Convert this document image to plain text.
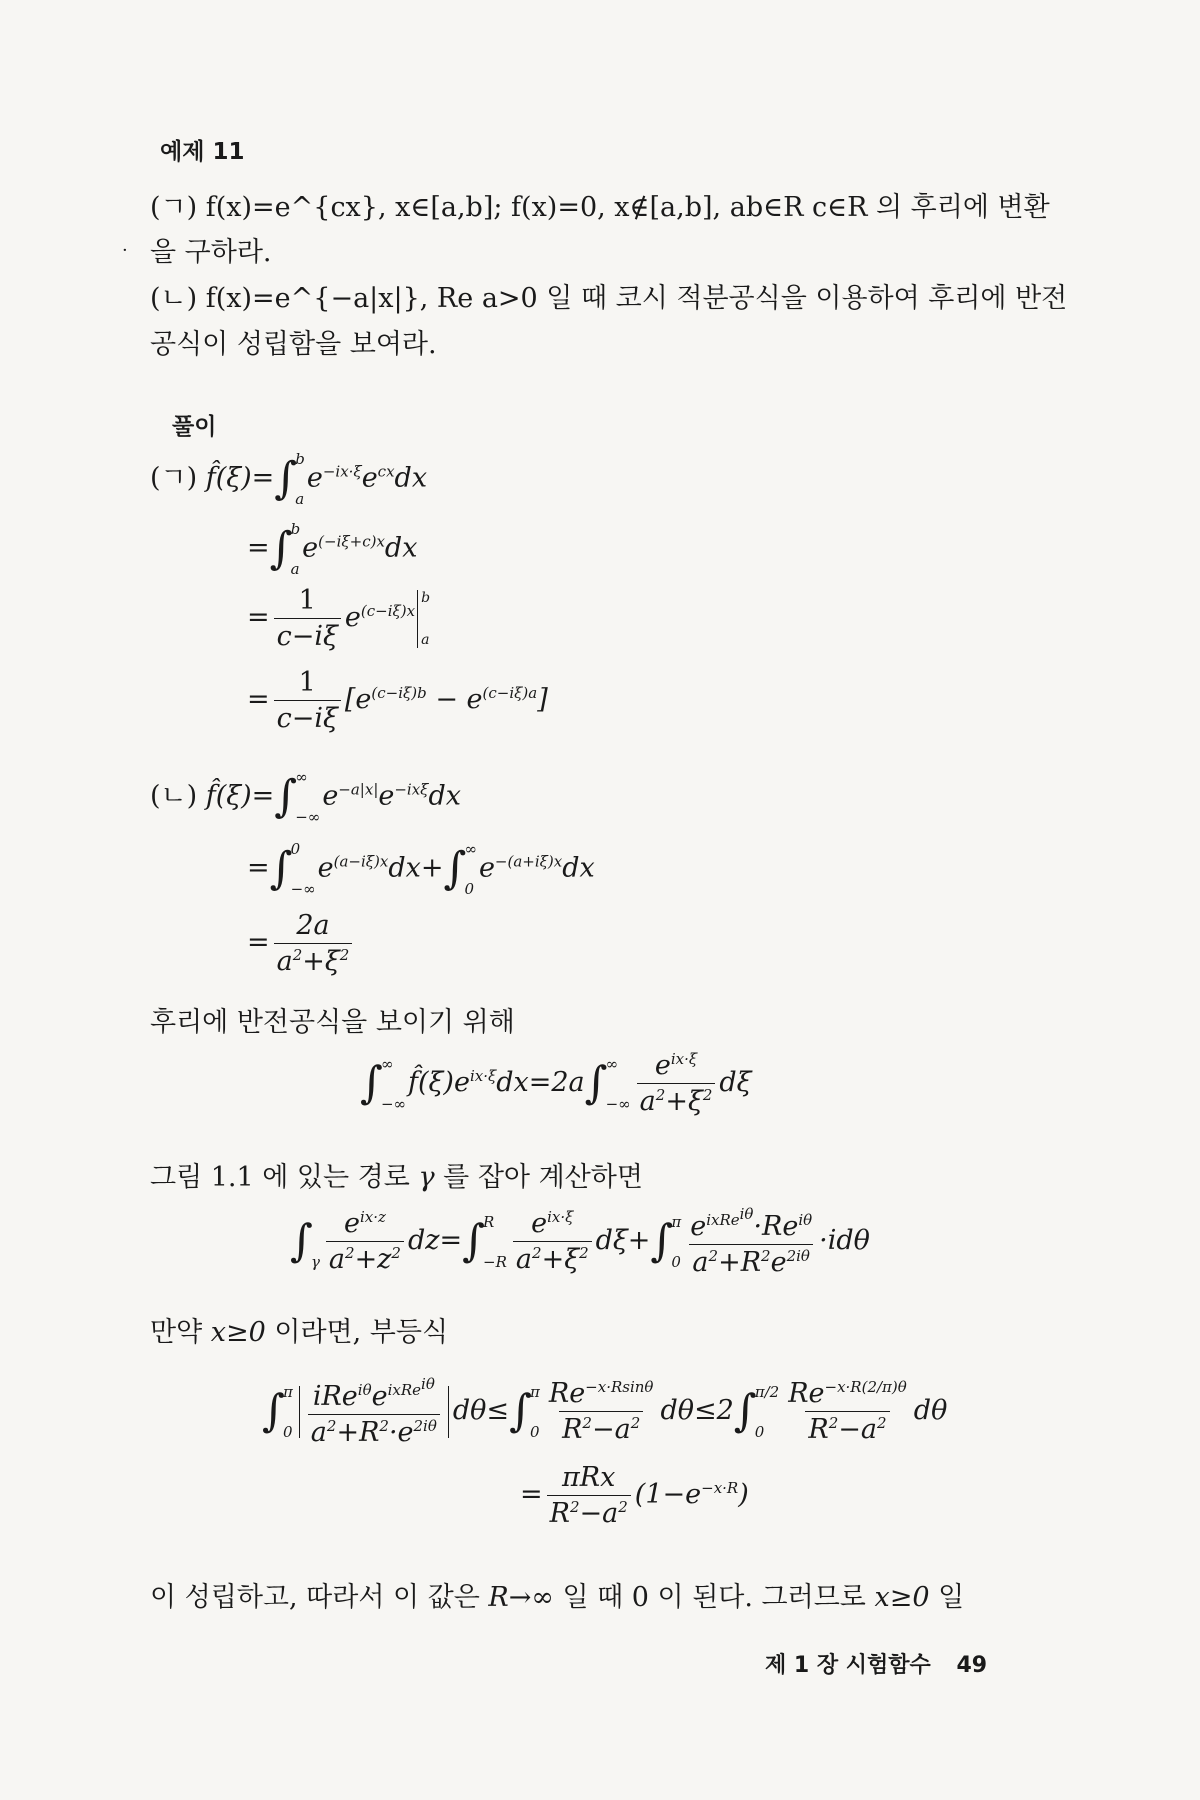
예제 11
(ㄱ) f(x)=e^{cx}, x∈[a,b]; f(x)=0, x∉[a,b], ab∈R c∈R 의 후리에 변환
· 을 구하라.
(ㄴ) f(x)=e^{−a|x|}, Re a>0 일 때 코시 적분공식을 이용하여 후리에 반전
공식이 성립함을 보여라.
풀이
(ㄱ) f̂(ξ)=∫
b
a
$e^{-ix\cdot\xi}e^{cx}dx$
=∫
b
a
$e^{(-i\xi+c)x}dx$
= $\frac{1}{c-i\xi} e^{(c-i\xi)x}$
b
a
= $\frac{1}{c-i\xi} [e^{(c-i\xi)b} - e^{(c-i\xi)a}]$
(ㄴ) f̂(ξ)=∫
∞
−∞
$e^{-a|x|}e^{-ix\xi}dx$
=∫
0
−∞
$e^{(a-i\xi)x}dx+\int$
∞
0
$e^{-(a+i\xi)x}dx$
= $\frac{2a}{a^2+\xi^2}$
후리에 반전공식을 보이기 위해
∫
∞
−∞
$f̂(\xi)e^{ix\cdot\xi}dx=2a\int$
∞
−∞ $\frac{e^{ix\cdot\xi}}{a^2+\xi^2}$ dξ
그림 1.1 에 있는 경로 γ 를 잡아 계산하면
∫

γ $\frac{e^{ix\cdot z}}{a^2+z^2} dz=\int$
R
$-R \frac{e^{ix\cdot\xi}}{a^2+\xi^2} d\xi+\int$
π
$0 \frac{e^{ixRe^{i\theta}}\cdot Re^{i\theta}}{a^2+R^2e^{2i\theta}} \cdot id\theta$
만약 x≥0 이라면, 부등식
∫
π
$0 \frac{iRe^{i\theta}e^{ixRe^{i\theta}}}{a^2+R^2\cdot e^{2i\theta}} d\theta\le\int$
π
$0 \frac{Re^{-x\cdot Rsin\theta}}{R^2-a^2} d\theta\le 2\int$
π/2
$0 \frac{Re^{-x\cdot R(2/\pi)\theta}}{R^2-a^2}$ dθ
= $\frac{\text{πRx}}{R^2-a^2} (1-e^{-x\cdot R})$
이 성립하고, 따라서 이 값은 R→∞ 일 때 0 이 된다. 그러므로 x≥0 일
제 1 장 시험함수 49
